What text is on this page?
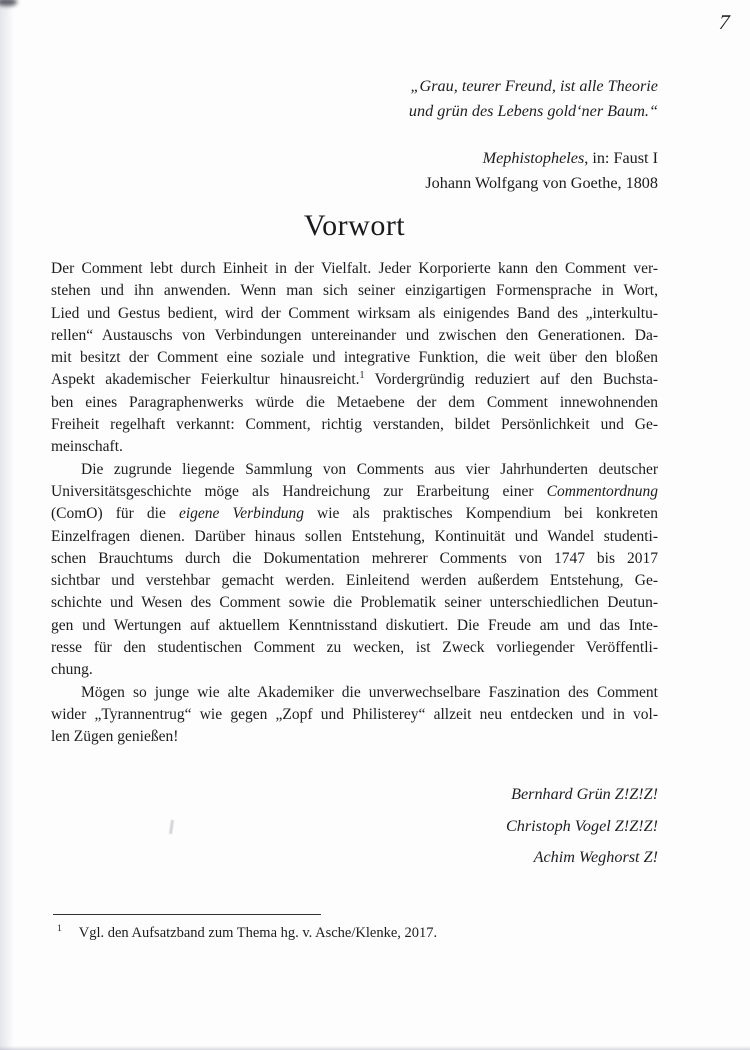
7
„Grau, teurer Freund, ist alle Theorie
und grün des Lebens gold‘ner Baum.“
Mephistopheles, in: Faust I
Johann Wolfgang von Goethe, 1808
Vorwort
Der Comment lebt durch Einheit in der Vielfalt. Jeder Korporierte kann den Comment ver-
stehen und ihn anwenden. Wenn man sich seiner einzigartigen Formensprache in Wort,
Lied und Gestus bedient, wird der Comment wirksam als einigendes Band des „interkultu-
rellen“ Austauschs von Verbindungen untereinander und zwischen den Generationen. Da-
mit besitzt der Comment eine soziale und integrative Funktion, die weit über den bloßen
Aspekt akademischer Feierkultur hinausreicht.$^1$ Vordergründig reduziert auf den Buchsta-
ben eines Paragraphenwerks würde die Metaebene der dem Comment innewohnenden
Freiheit regelhaft verkannt: Comment, richtig verstanden, bildet Persönlichkeit und Ge-
meinschaft.
Die zugrunde liegende Sammlung von Comments aus vier Jahrhunderten deutscher
Universitätsgeschichte möge als Handreichung zur Erarbeitung einer Commentordnung
(ComO) für die eigene Verbindung wie als praktisches Kompendium bei konkreten
Einzelfragen dienen. Darüber hinaus sollen Entstehung, Kontinuität und Wandel studenti-
schen Brauchtums durch die Dokumentation mehrerer Comments von 1747 bis 2017
sichtbar und verstehbar gemacht werden. Einleitend werden außerdem Entstehung, Ge-
schichte und Wesen des Comment sowie die Problematik seiner unterschiedlichen Deutun-
gen und Wertungen auf aktuellem Kenntnisstand diskutiert. Die Freude am und das Inte-
resse für den studentischen Comment zu wecken, ist Zweck vorliegender Veröffentli-
chung.
Mögen so junge wie alte Akademiker die unverwechselbare Faszination des Comment
wider „Tyrannentrug“ wie gegen „Zopf und Philisterey“ allzeit neu entdecken und in vol-
len Zügen genießen!
Bernhard Grün Z!Z!Z!
Christoph Vogel Z!Z!Z!
Achim Weghorst Z!
$^1$ Vgl. den Aufsatzband zum Thema hg. v. Asche/Klenke, 2017.
